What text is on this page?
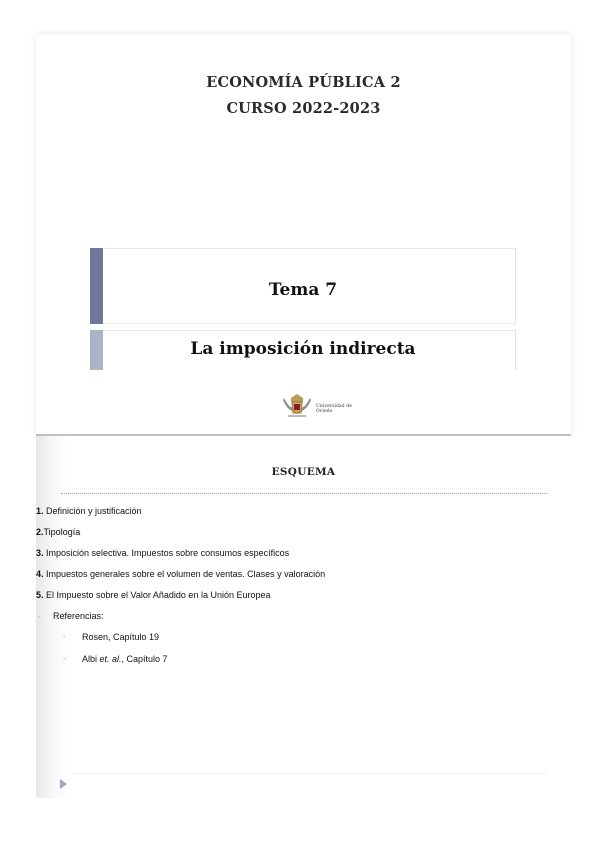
ECONOMÍA PÚBLICA 2
CURSO 2022-2023
Tema 7
La imposición indirecta
Universidad de Oviedo
ESQUEMA
1. Definición y justificación
2.Tipología
3. Imposición selectiva. Impuestos sobre consumos específicos
4. Impuestos generales sobre el volumen de ventas. Clases y valoración
5. El Impuesto sobre el Valor Añadido en la Unión Europea
- Referencias:
- Rosen, Capítulo 19
- Albi et. al., Capítulo 7
